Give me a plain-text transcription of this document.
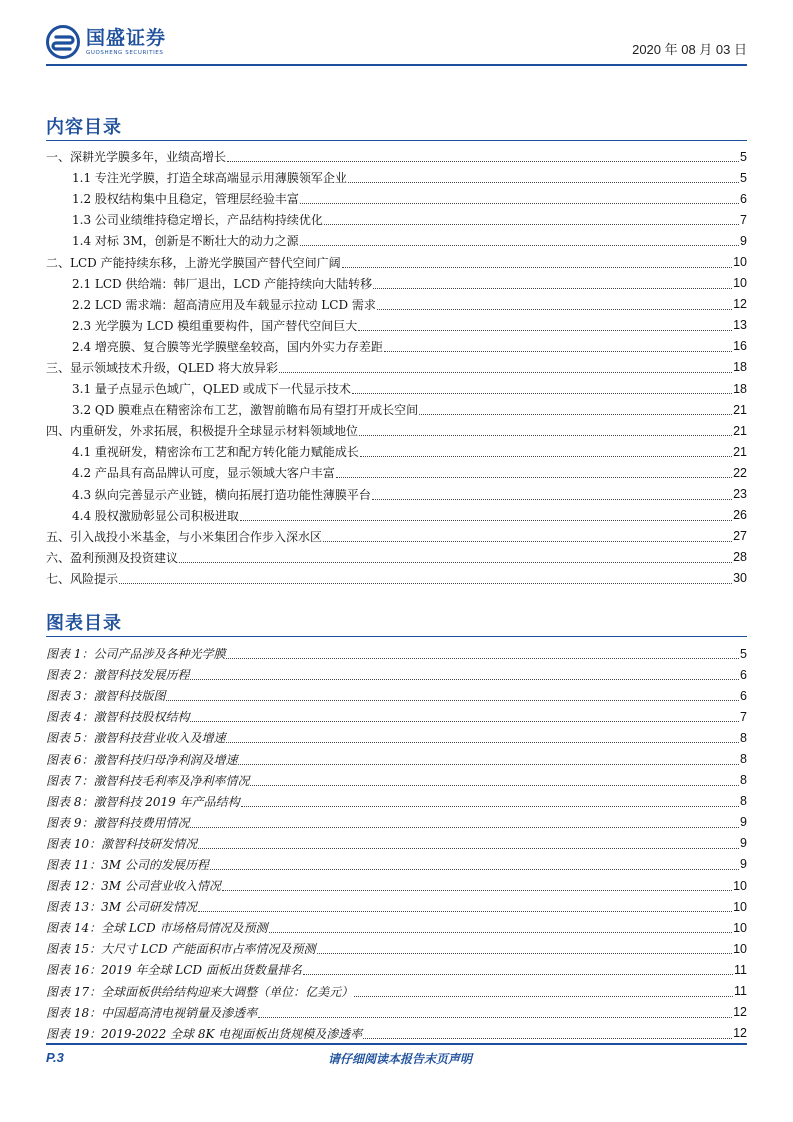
国盛证券
GUOSHENG SECURITIES	2020 年 08 月 03 日
内容目录
一、深耕光学膜多年，业绩高增长	5
1.1 专注光学膜，打造全球高端显示用薄膜领军企业	5
1.2 股权结构集中且稳定，管理层经验丰富	6
1.3 公司业绩维持稳定增长，产品结构持续优化	7
1.4 对标 3M，创新是不断壮大的动力之源	9
二、LCD 产能持续东移，上游光学膜国产替代空间广阔	10
2.1 LCD 供给端：韩厂退出，LCD 产能持续向大陆转移	10
2.2 LCD 需求端：超高清应用及车载显示拉动 LCD 需求	12
2.3 光学膜为 LCD 模组重要构件，国产替代空间巨大	13
2.4 增亮膜、复合膜等光学膜壁垒较高，国内外实力存差距	16
三、显示领域技术升级，QLED 将大放异彩	18
3.1 量子点显示色域广，QLED 或成下一代显示技术	18
3.2 QD 膜难点在精密涂布工艺，激智前瞻布局有望打开成长空间	21
四、内重研发，外求拓展，积极提升全球显示材料领域地位	21
4.1 重视研发，精密涂布工艺和配方转化能力赋能成长	21
4.2 产品具有高品牌认可度，显示领域大客户丰富	22
4.3 纵向完善显示产业链，横向拓展打造功能性薄膜平台	23
4.4 股权激励彰显公司积极进取	26
五、引入战投小米基金，与小米集团合作步入深水区	27
六、盈利预测及投资建议	28
七、风险提示	30
图表目录
图表 1：公司产品涉及各种光学膜	5
图表 2：激智科技发展历程	6
图表 3：激智科技版图	6
图表 4：激智科技股权结构	7
图表 5：激智科技营业收入及增速	8
图表 6：激智科技归母净利润及增速	8
图表 7：激智科技毛利率及净利率情况	8
图表 8：激智科技 2019 年产品结构	8
图表 9：激智科技费用情况	9
图表 10：激智科技研发情况	9
图表 11：3M 公司的发展历程	9
图表 12：3M 公司营业收入情况	10
图表 13：3M 公司研发情况	10
图表 14：全球 LCD 市场格局情况及预测	10
图表 15：大尺寸 LCD 产能面积市占率情况及预测	10
图表 16：2019 年全球 LCD 面板出货数量排名	11
图表 17：全球面板供给结构迎来大调整（单位：亿美元）	11
图表 18：中国超高清电视销量及渗透率	12
图表 19：2019-2022 全球 8K 电视面板出货规模及渗透率	12
P.3	请仔细阅读本报告末页声明
